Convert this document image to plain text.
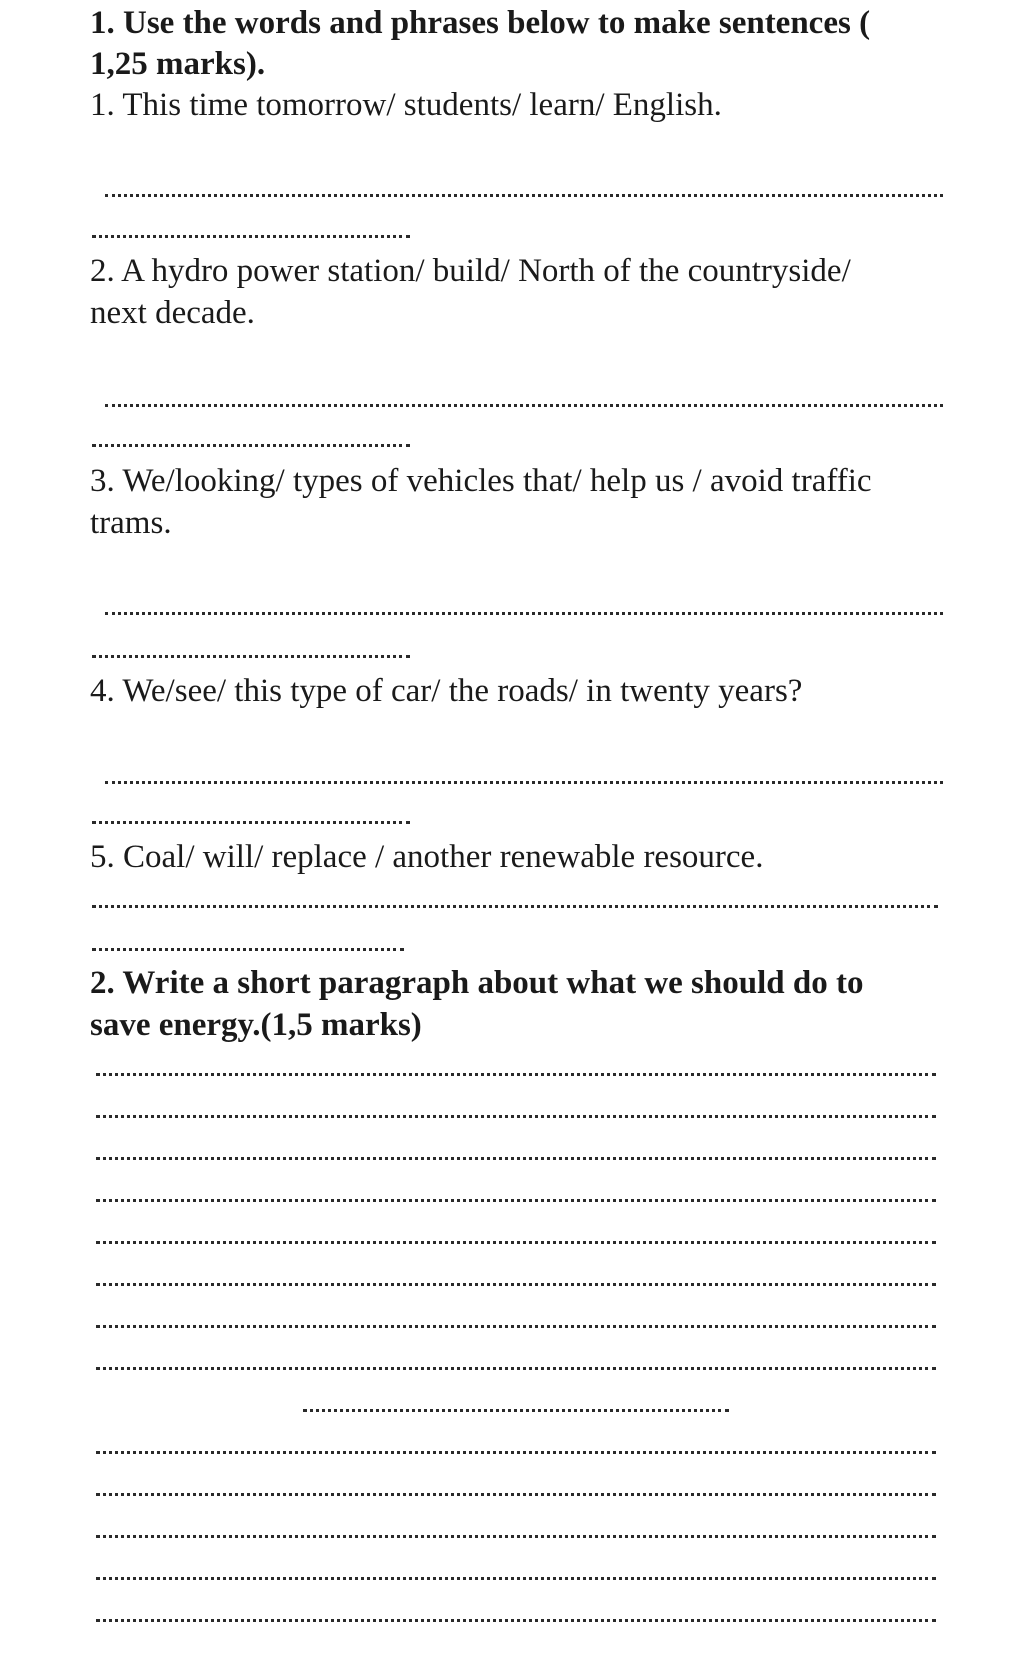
1. Use the words and phrases below to make sentences (

1,25 marks).

1. This time tomorrow/ students/ learn/ English.

2. A hydro power station/ build/ North of the countryside/

next decade.

3. We/looking/ types of vehicles that/ help us / avoid traffic

trams.

4. We/see/ this type of car/ the roads/ in twenty years?

5. Coal/ will/ replace / another renewable resource.

2. Write a short paragraph about what we should do to

save energy.(1,5 marks)
